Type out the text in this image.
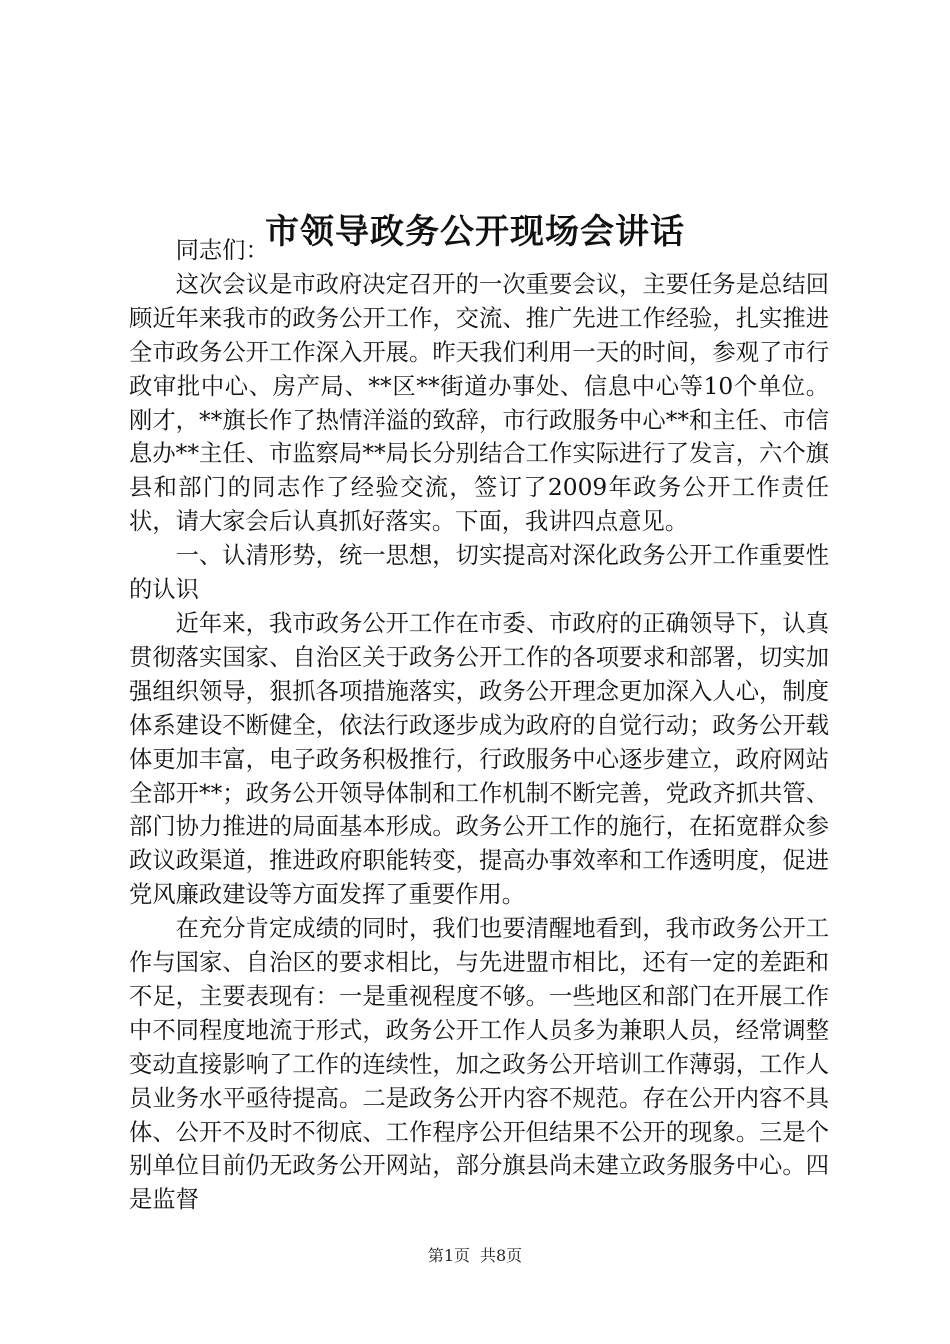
市领导政务公开现场会讲话

同志们：

这次会议是市政府决定召开的一次重要会议，主要任务是总结回顾近年来我市的政务公开工作，交流、推广先进工作经验，扎实推进全市政务公开工作深入开展。昨天我们利用一天的时间，参观了市行政审批中心、房产局、**区**街道办事处、信息中心等10个单位。刚才，**旗长作了热情洋溢的致辞，市行政服务中心**和主任、市信息办**主任、市监察局**局长分别结合工作实际进行了发言，六个旗县和部门的同志作了经验交流，签订了2009年政务公开工作责任状，请大家会后认真抓好落实。下面，我讲四点意见。

一、认清形势，统一思想，切实提高对深化政务公开工作重要性的认识

近年来，我市政务公开工作在市委、市政府的正确领导下，认真贯彻落实国家、自治区关于政务公开工作的各项要求和部署，切实加强组织领导，狠抓各项措施落实，政务公开理念更加深入人心，制度体系建设不断健全，依法行政逐步成为政府的自觉行动；政务公开载体更加丰富，电子政务积极推行，行政服务中心逐步建立，政府网站全部开**；政务公开领导体制和工作机制不断完善，党政齐抓共管、部门协力推进的局面基本形成。政务公开工作的施行，在拓宽群众参政议政渠道，推进政府职能转变，提高办事效率和工作透明度，促进党风廉政建设等方面发挥了重要作用。

在充分肯定成绩的同时，我们也要清醒地看到，我市政务公开工作与国家、自治区的要求相比，与先进盟市相比，还有一定的差距和不足，主要表现有：一是重视程度不够。一些地区和部门在开展工作中不同程度地流于形式，政务公开工作人员多为兼职人员，经常调整变动直接影响了工作的连续性，加之政务公开培训工作薄弱，工作人员业务水平亟待提高。二是政务公开内容不规范。存在公开内容不具体、公开不及时不彻底、工作程序公开但结果不公开的现象。三是个别单位目前仍无政务公开网站，部分旗县尚未建立政务服务中心。四是监督

第1页 共8页
